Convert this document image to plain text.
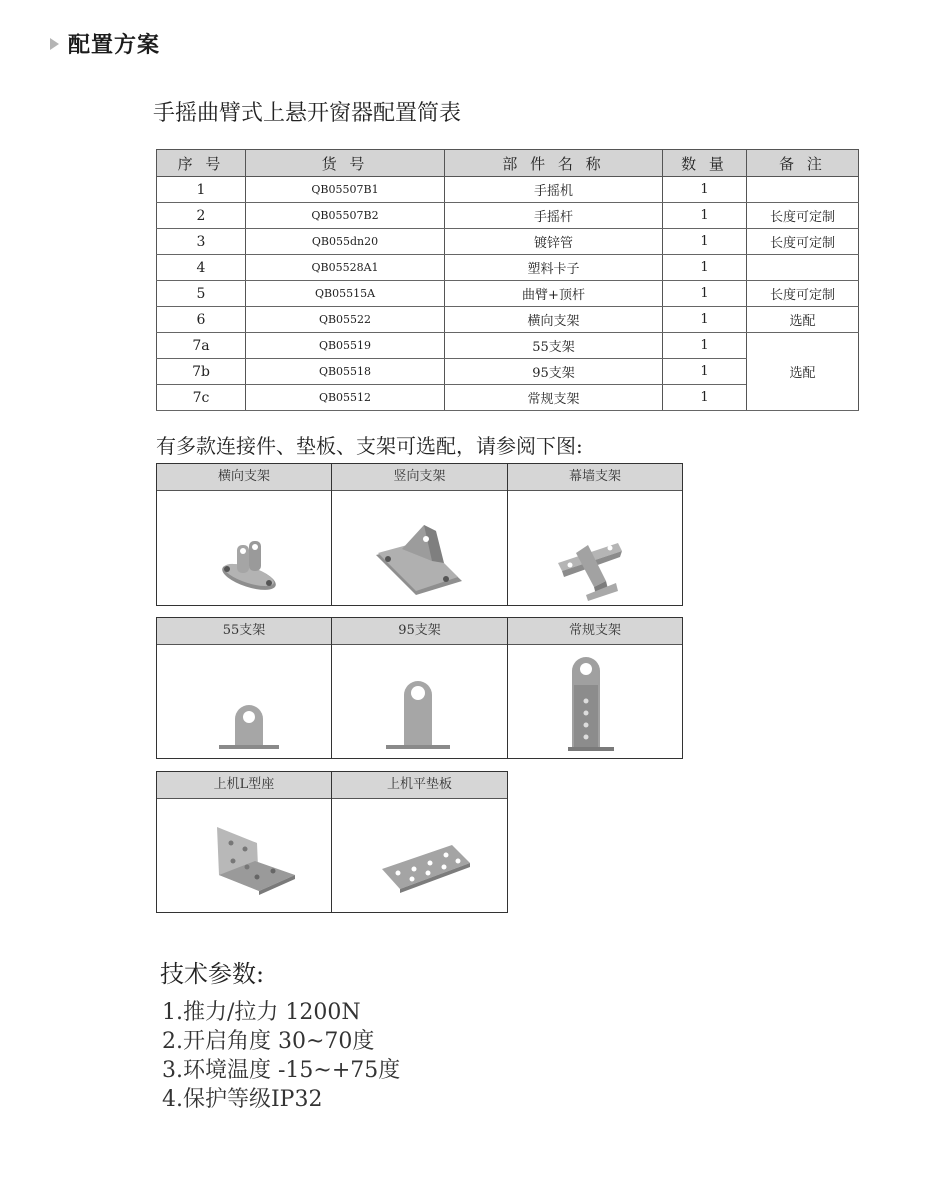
配置方案
手摇曲臂式上悬开窗器配置简表
序 号	货 号	部 件 名 称	数 量	备 注
1	QB05507B1	手摇机	1	
2	QB05507B2	手摇杆	1	长度可定制
3	QB055dn20	镀锌管	1	长度可定制
4	QB05528A1	塑料卡子	1	
5	QB05515A	曲臂+顶杆	1	长度可定制
6	QB05522	横向支架	1	选配
7a	QB05519	55支架	1	选配
7b	QB05518	95支架	1	
7c	QB05512	常规支架	1	
有多款连接件、垫板、支架可选配，请参阅下图:
横向支架	竖向支架	幕墙支架
55支架	95支架	常规支架
上机L型座	上机平垫板
技术参数:
1.推力/拉力 1200N
2.开启角度 30~70度
3.环境温度 -15~+75度
4.保护等级IP32
